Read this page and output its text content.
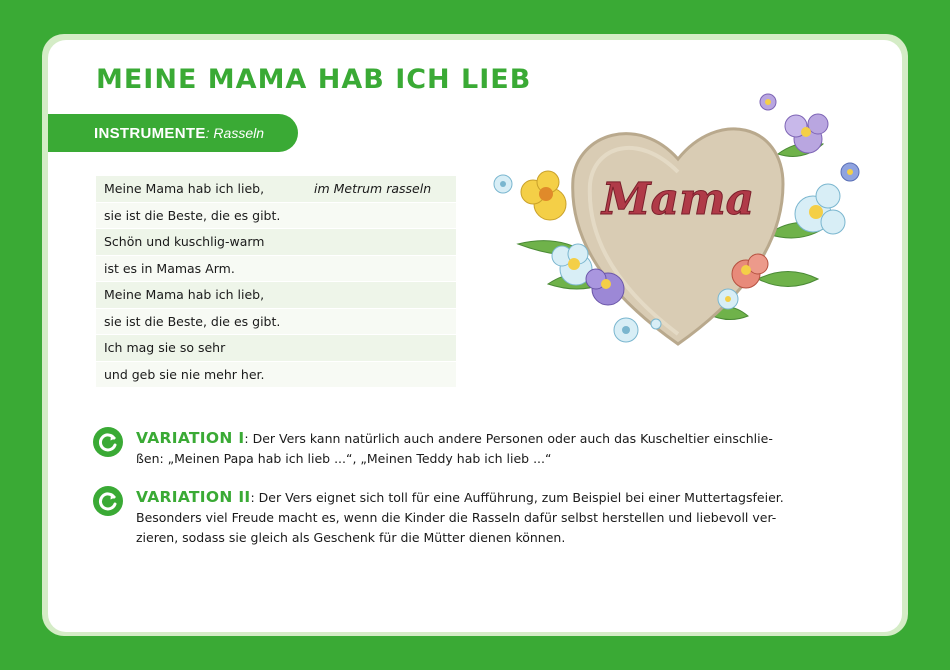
MEINE MAMA HAB ICH LIEB
INSTRUMENTE : Rasseln
Meine Mama hab ich lieb,	im Metrum rasseln
sie ist die Beste, die es gibt.
Schön und kuschlig-warm
ist es in Mamas Arm.
Meine Mama hab ich lieb,
sie ist die Beste, die es gibt.
Ich mag sie so sehr
und geb sie nie mehr her.
Mama
VARIATION I: Der Vers kann natürlich auch andere Personen oder auch das Kuscheltier einschlie-
ßen: „Meinen Papa hab ich lieb ...“, „Meinen Teddy hab ich lieb ...“
VARIATION II: Der Vers eignet sich toll für eine Aufführung, zum Beispiel bei einer Muttertagsfeier.
Besonders viel Freude macht es, wenn die Kinder die Rasseln dafür selbst herstellen und liebevoll ver-
zieren, sodass sie gleich als Geschenk für die Mütter dienen können.
